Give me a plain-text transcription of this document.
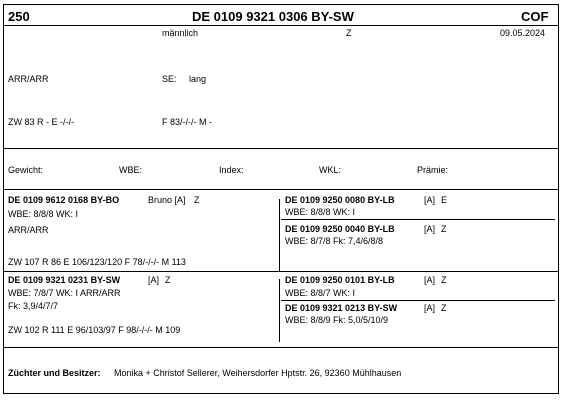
250	DE 0109 9321 0306 BY-SW	COF
männlich	Z	09.05.2024
ARR/ARR	SE: lang
ZW 83 R - E -/-/-	F 83/-/-/- M -
Gewicht:	WBE:	Index:	WKL:	Prämie:
DE 0109 9612 0168 BY-BO	Bruno [A] Z
WBE: 8/8/8 WK: I
ARR/ARR
ZW 107 R 86 E 106/123/120 F 78/-/-/- M 113
DE 0109 9250 0080 BY-LB	[A] E
WBE: 8/8/8 WK: I
DE 0109 9250 0040 BY-LB	[A] Z
WBE: 8/7/8 Fk: 7,4/6/8/8
DE 0109 9321 0231 BY-SW	[A] Z
WBE: 7/8/7 WK: I ARR/ARR
Fk: 3,9/4/7/7
ZW 102 R 111 E 96/103/97 F 98/-/-/- M 109
DE 0109 9250 0101 BY-LB	[A] Z
WBE: 8/8/7 WK: I
DE 0109 9321 0213 BY-SW	[A] Z
WBE: 8/8/9 Fk: 5,0/5/10/9
Züchter und Besitzer: Monika + Christof Sellerer, Weihersdorfer Hptstr. 26, 92360 Mühlhausen
